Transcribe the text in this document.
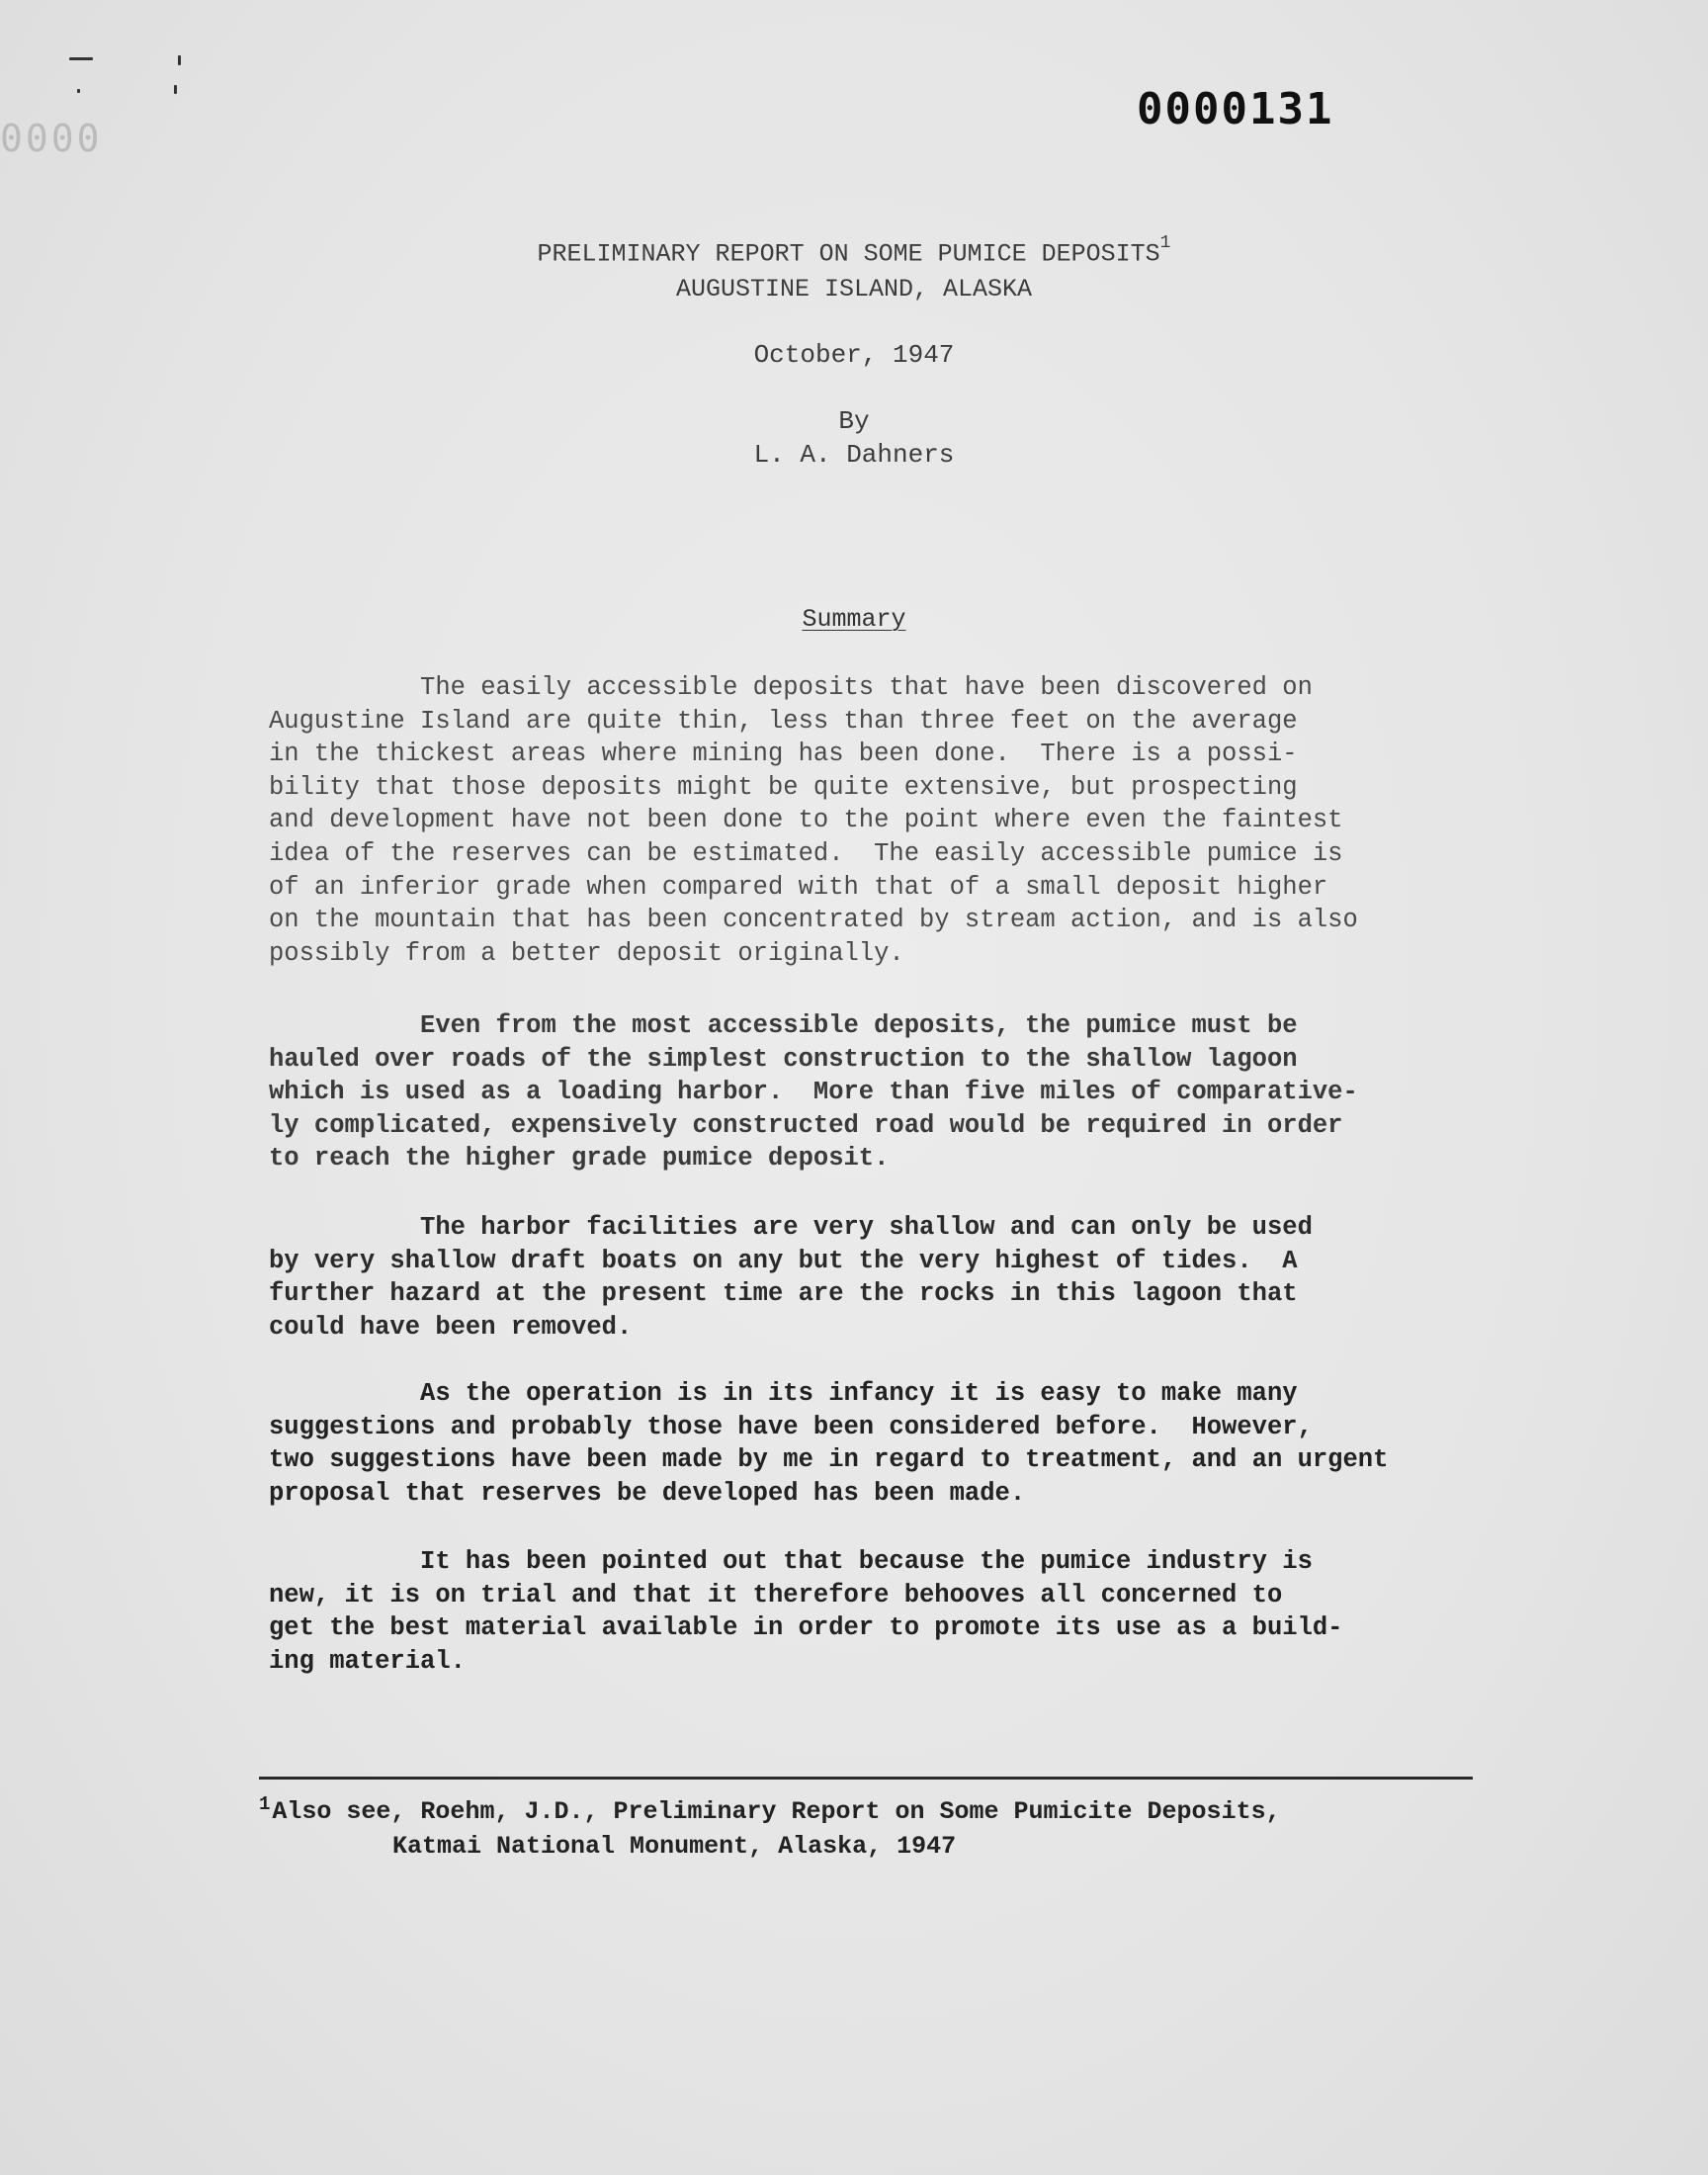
0000
0000131
PRELIMINARY REPORT ON SOME PUMICE DEPOSITS$^1$
AUGUSTINE ISLAND, ALASKA
October, 1947
By
L. A. Dahners
Summary

The easily accessible deposits that have been discovered on
Augustine Island are quite thin, less than three feet on the average
in the thickest areas where mining has been done.  There is a possi-
bility that those deposits might be quite extensive, but prospecting
and development have not been done to the point where even the faintest
idea of the reserves can be estimated.  The easily accessible pumice is
of an inferior grade when compared with that of a small deposit higher
on the mountain that has been concentrated by stream action, and is also
possibly from a better deposit originally.

Even from the most accessible deposits, the pumice must be
hauled over roads of the simplest construction to the shallow lagoon
which is used as a loading harbor.  More than five miles of comparative-
ly complicated, expensively constructed road would be required in order
to reach the higher grade pumice deposit.

The harbor facilities are very shallow and can only be used
by very shallow draft boats on any but the very highest of tides.  A
further hazard at the present time are the rocks in this lagoon that
could have been removed.

As the operation is in its infancy it is easy to make many
suggestions and probably those have been considered before.  However,
two suggestions have been made by me in regard to treatment, and an urgent
proposal that reserves be developed has been made.

It has been pointed out that because the pumice industry is
new, it is on trial and that it therefore behooves all concerned to
get the best material available in order to promote its use as a build-
ing material.

$^1$Also see, Roehm, J.D., Preliminary Report on Some Pumicite Deposits,
Katmai National Monument, Alaska, 1947
